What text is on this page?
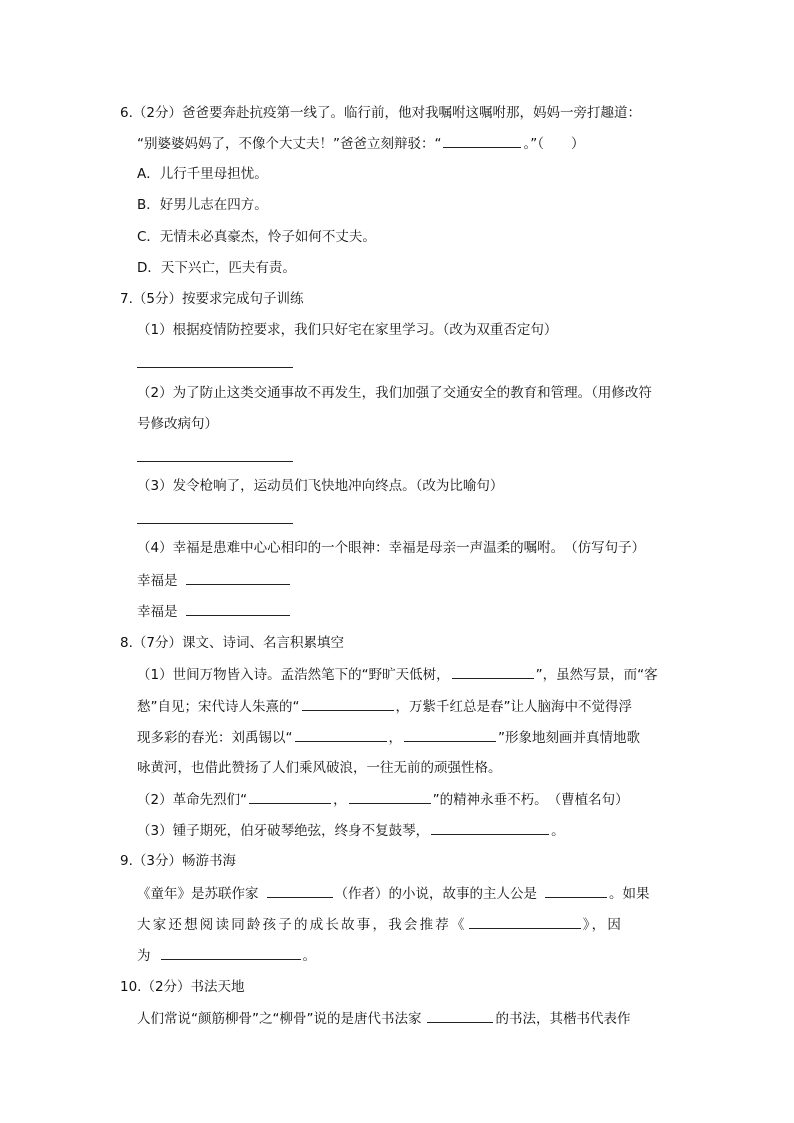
6.（2分）爸爸要奔赴抗疫第一线了。临行前，他对我嘱咐这嘱咐那，妈妈一旁打趣道：
“别婆婆妈妈了，不像个大丈夫！”爸爸立刻辩驳：“	。”（　　）
A．儿行千里母担忧。
B．好男儿志在四方。
C．无情未必真豪杰，怜子如何不丈夫。
D．天下兴亡，匹夫有责。
7.（5分）按要求完成句子训练
（1）根据疫情防控要求，我们只好宅在家里学习。（改为双重否定句）
（2）为了防止这类交通事故不再发生，我们加强了交通安全的教育和管理。（用修改符
号修改病句）
（3）发令枪响了，运动员们飞快地冲向终点。（改为比喻句）
（4）幸福是患难中心心相印的一个眼神：幸福是母亲一声温柔的嘱咐。　（仿写句子）
幸福是
幸福是
8.（7分）课文、诗词、名言积累填空
（1）世间万物皆入诗。孟浩然笔下的“野旷天低树，	”，虽然写景，而“客
愁”自见；宋代诗人朱熹的“	，万紫千红总是春”让人脑海中不觉得浮
现多彩的春光：刘禹锡以“	，	”形象地刻画并真情地歌
咏黄河，也借此赞扬了人们乘风破浪，一往无前的顽强性格。
（2）革命先烈们“	，	”的精神永垂不朽。　（曹植名句）
（3）锺子期死，伯牙破琴绝弦，终身不复鼓琴，	。
9.（3分）畅游书海
《童年》是苏联作家	（作者）的小说，故事的主人公是	。如果
大家还想阅读同龄孩子的成长故事，我会推荐《	》，因
为	。
10.（2分）书法天地
人们常说“颜筋柳骨”之“柳骨”说的是唐代书法家	的书法，其楷书代表作
